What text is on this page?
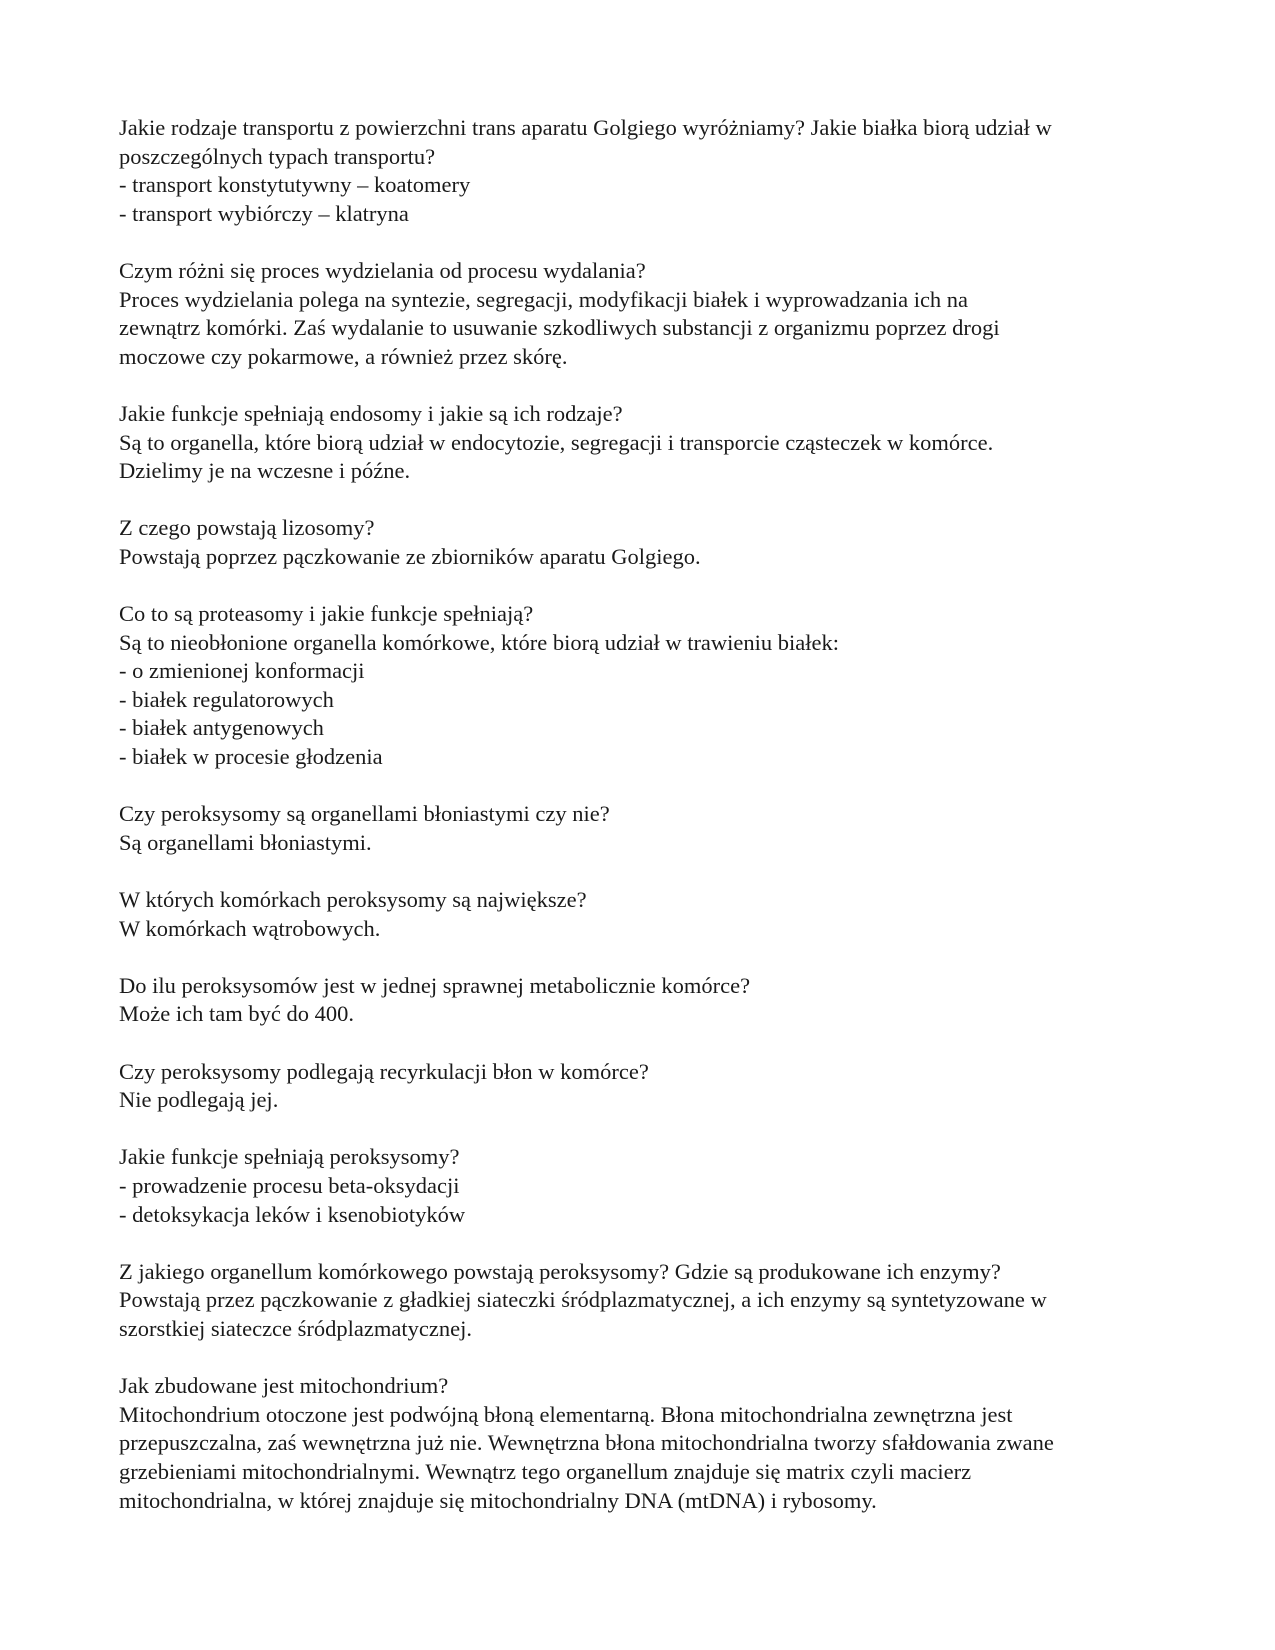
Jakie rodzaje transportu z powierzchni trans aparatu Golgiego wyróżniamy? Jakie białka biorą udział w
poszczególnych typach transportu?
- transport konstytutywny – koatomery
- transport wybiórczy – klatryna
Czym różni się proces wydzielania od procesu wydalania?
Proces wydzielania polega na syntezie, segregacji, modyfikacji białek i wyprowadzania ich na
zewnątrz komórki. Zaś wydalanie to usuwanie szkodliwych substancji z organizmu poprzez drogi
moczowe czy pokarmowe, a również przez skórę.
Jakie funkcje spełniają endosomy i jakie są ich rodzaje?
Są to organella, które biorą udział w endocytozie, segregacji i transporcie cząsteczek w komórce.
Dzielimy je na wczesne i późne.
Z czego powstają lizosomy?
Powstają poprzez pączkowanie ze zbiorników aparatu Golgiego.
Co to są proteasomy i jakie funkcje spełniają?
Są to nieobłonione organella komórkowe, które biorą udział w trawieniu białek:
- o zmienionej konformacji
- białek regulatorowych
- białek antygenowych
- białek w procesie głodzenia
Czy peroksysomy są organellami błoniastymi czy nie?
Są organellami błoniastymi.
W których komórkach peroksysomy są największe?
W komórkach wątrobowych.
Do ilu peroksysomów jest w jednej sprawnej metabolicznie komórce?
Może ich tam być do 400.
Czy peroksysomy podlegają recyrkulacji błon w komórce?
Nie podlegają jej.
Jakie funkcje spełniają peroksysomy?
- prowadzenie procesu beta-oksydacji
- detoksykacja leków i ksenobiotyków
Z jakiego organellum komórkowego powstają peroksysomy? Gdzie są produkowane ich enzymy?
Powstają przez pączkowanie z gładkiej siateczki śródplazmatycznej, a ich enzymy są syntetyzowane w
szorstkiej siateczce śródplazmatycznej.
Jak zbudowane jest mitochondrium?
Mitochondrium otoczone jest podwójną błoną elementarną. Błona mitochondrialna zewnętrzna jest
przepuszczalna, zaś wewnętrzna już nie. Wewnętrzna błona mitochondrialna tworzy sfałdowania zwane
grzebieniami mitochondrialnymi. Wewnątrz tego organellum znajduje się matrix czyli macierz
mitochondrialna, w której znajduje się mitochondrialny DNA (mtDNA) i rybosomy.
